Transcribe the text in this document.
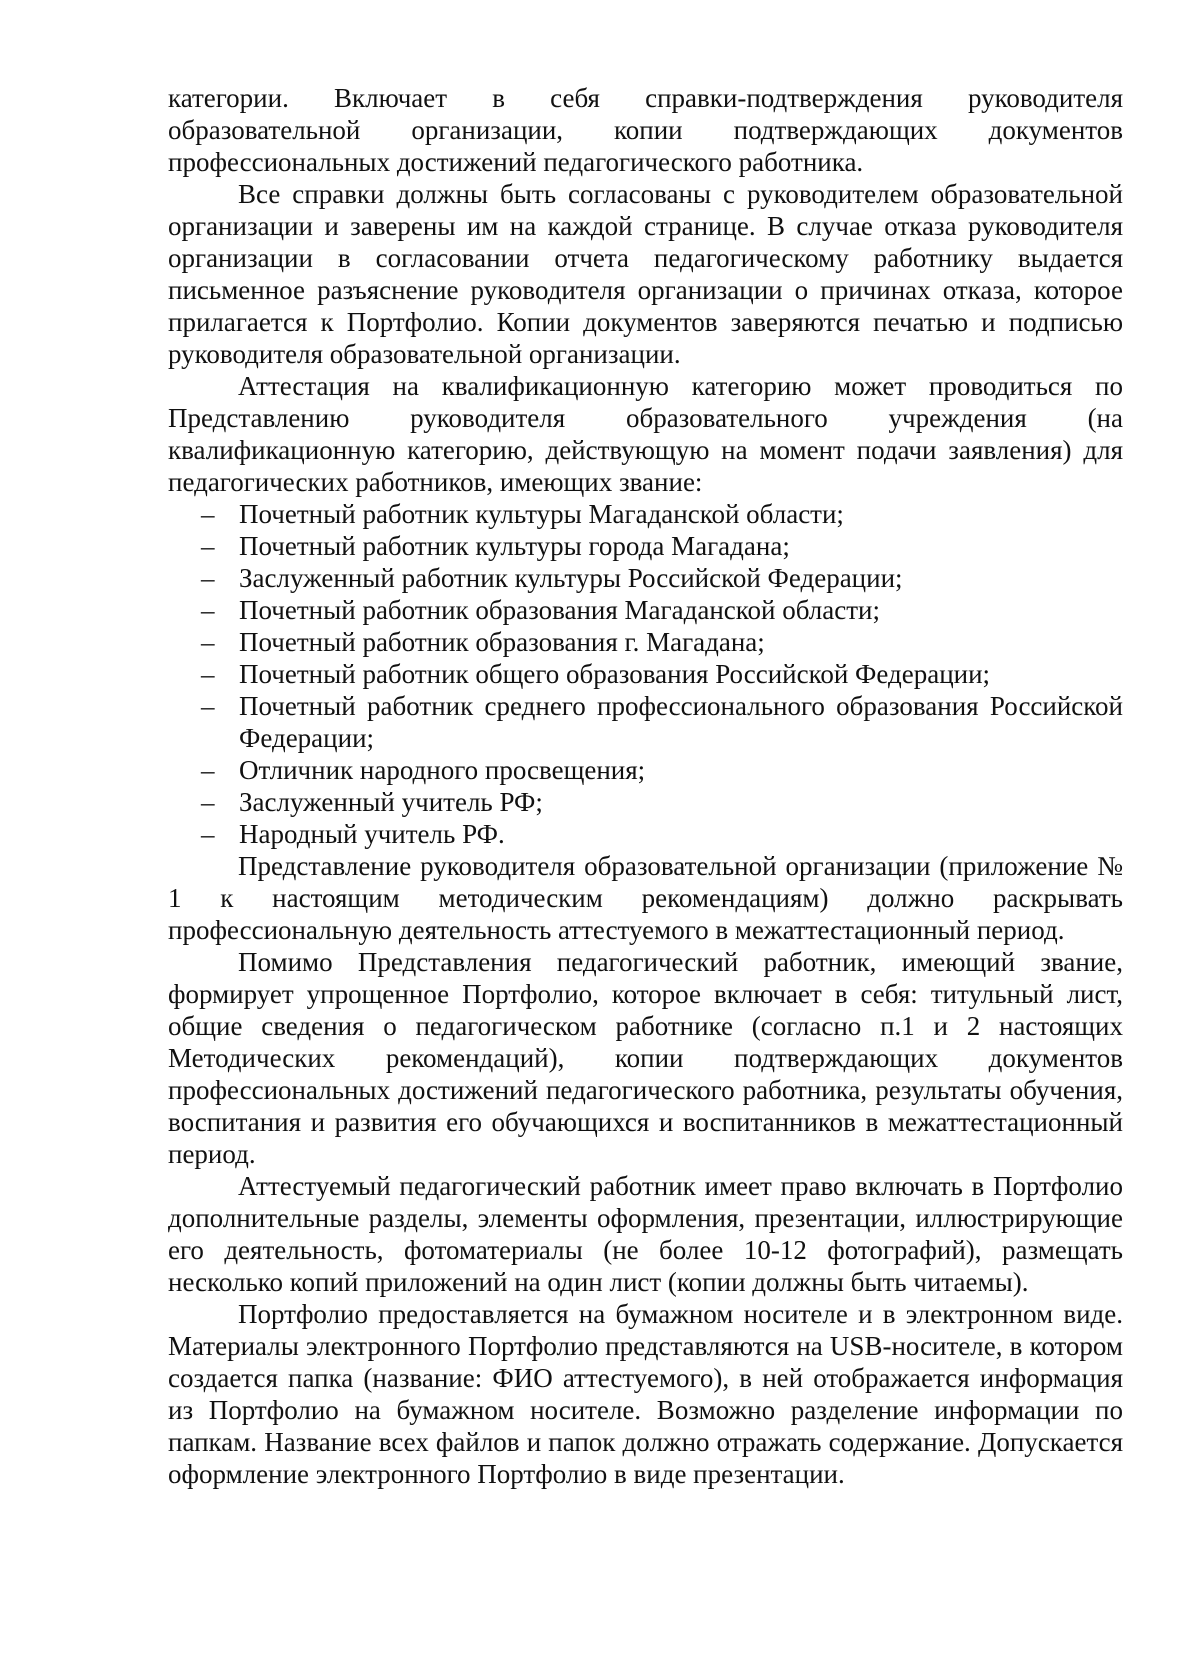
категории. Включает в себя справки-подтверждения руководителя образовательной организации, копии подтверждающих документов профессиональных достижений педагогического работника.

Все справки должны быть согласованы с руководителем образовательной организации и заверены им на каждой странице. В случае отказа руководителя организации в согласовании отчета педагогическому работнику выдается письменное разъяснение руководителя организации о причинах отказа, которое прилагается к Портфолио. Копии документов заверяются печатью и подписью руководителя образовательной организации.

Аттестация на квалификационную категорию может проводиться по Представлению руководителя образовательного учреждения (на квалификационную категорию, действующую на момент подачи заявления) для педагогических работников, имеющих звание:

– Почетный работник культуры Магаданской области;
– Почетный работник культуры города Магадана;
– Заслуженный работник культуры Российской Федерации;
– Почетный работник образования Магаданской области;
– Почетный работник образования г. Магадана;
– Почетный работник общего образования Российской Федерации;
– Почетный работник среднего профессионального образования Российской Федерации;
– Отличник народного просвещения;
– Заслуженный учитель РФ;
– Народный учитель РФ.

Представление руководителя образовательной организации (приложение № 1 к настоящим методическим рекомендациям) должно раскрывать профессиональную деятельность аттестуемого в межаттестационный период.

Помимо Представления педагогический работник, имеющий звание, формирует упрощенное Портфолио, которое включает в себя: титульный лист, общие сведения о педагогическом работнике (согласно п.1 и 2 настоящих Методических рекомендаций), копии подтверждающих документов профессиональных достижений педагогического работника, результаты обучения, воспитания и развития его обучающихся и воспитанников в межаттестационный период.

Аттестуемый педагогический работник имеет право включать в Портфолио дополнительные разделы, элементы оформления, презентации, иллюстрирующие его деятельность, фотоматериалы (не более 10-12 фотографий), размещать несколько копий приложений на один лист (копии должны быть читаемы).

Портфолио предоставляется на бумажном носителе и в электронном виде. Материалы электронного Портфолио представляются на USB-носителе, в котором создается папка (название: ФИО аттестуемого), в ней отображается информация из Портфолио на бумажном носителе. Возможно разделение информации по папкам. Название всех файлов и папок должно отражать содержание. Допускается оформление электронного Портфолио в виде презентации.
